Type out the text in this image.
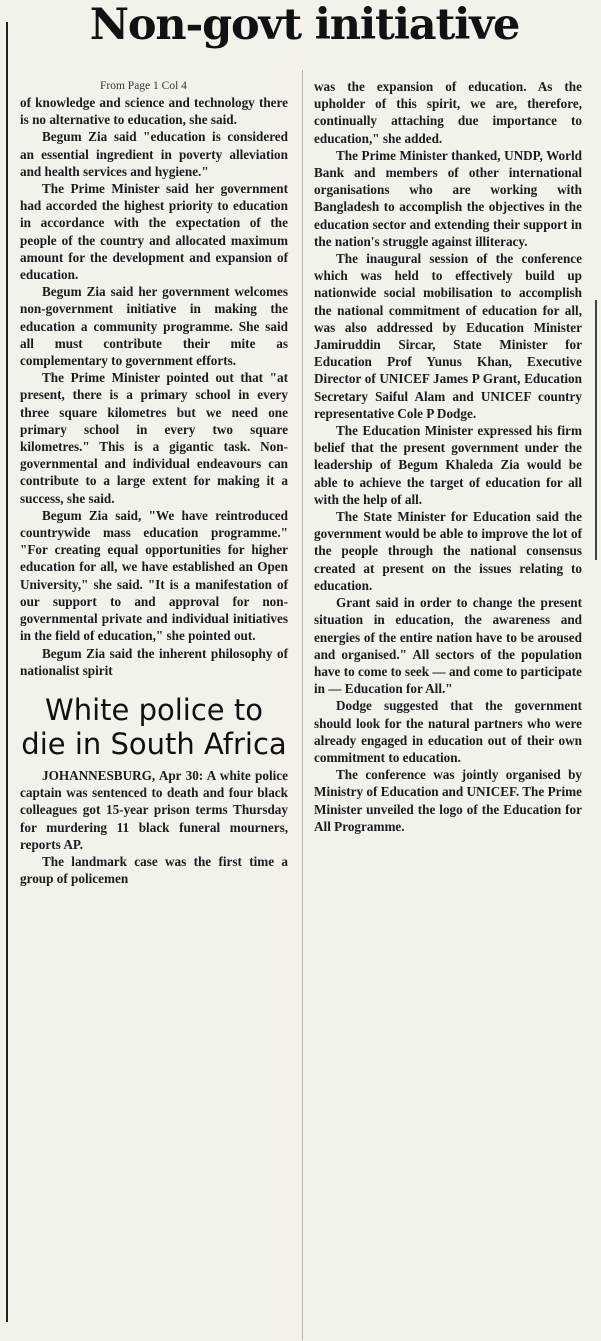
Non-govt initiative

From Page 1 Col 4

of knowledge and science and technology there is no alternative to education, she said.

Begum Zia said "education is considered an essential ingredient in poverty alleviation and health services and hygiene."

The Prime Minister said her government had accorded the highest priority to education in accordance with the expectation of the people of the country and allocated maximum amount for the development and expansion of education.

Begum Zia said her government welcomes non-government initiative in making the education a community programme. She said all must contribute their mite as complementary to government efforts.

The Prime Minister pointed out that "at present, there is a primary school in every three square kilometres but we need one primary school in every two square kilometres." This is a gigantic task. Non-governmental and individual endeavours can contribute to a large extent for making it a success, she said.

Begum Zia said, "We have reintroduced countrywide mass education programme." "For creating equal opportunities for higher education for all, we have established an Open University," she said. "It is a manifestation of our support to and approval for non-governmental private and individual initiatives in the field of education," she pointed out.

Begum Zia said the inherent philosophy of nationalist spirit

White police to die in South Africa

JOHANNESBURG, Apr 30: A white police captain was sentenced to death and four black colleagues got 15-year prison terms Thursday for murdering 11 black funeral mourners, reports AP.

The landmark case was the first time a group of policemen

was the expansion of education. As the upholder of this spirit, we are, therefore, continually attaching due importance to education," she added.

The Prime Minister thanked, UNDP, World Bank and members of other international organisations who are working with Bangladesh to accomplish the objectives in the education sector and extending their support in the nation's struggle against illiteracy.

The inaugural session of the conference which was held to effectively build up nationwide social mobilisation to accomplish the national commitment of education for all, was also addressed by Education Minister Jamiruddin Sircar, State Minister for Education Prof Yunus Khan, Executive Director of UNICEF James P Grant, Education Secretary Saiful Alam and UNICEF country representative Cole P Dodge.

The Education Minister expressed his firm belief that the present government under the leadership of Begum Khaleda Zia would be able to achieve the target of education for all with the help of all.

The State Minister for Education said the government would be able to improve the lot of the people through the national consensus created at present on the issues relating to education.

Grant said in order to change the present situation in education, the awareness and energies of the entire nation have to be aroused and organised." All sectors of the population have to come to seek — and come to participate in — Education for All."

Dodge suggested that the government should look for the natural partners who were already engaged in education out of their own commitment to education.

The conference was jointly organised by Ministry of Education and UNICEF. The Prime Minister unveiled the logo of the Education for All Programme.
